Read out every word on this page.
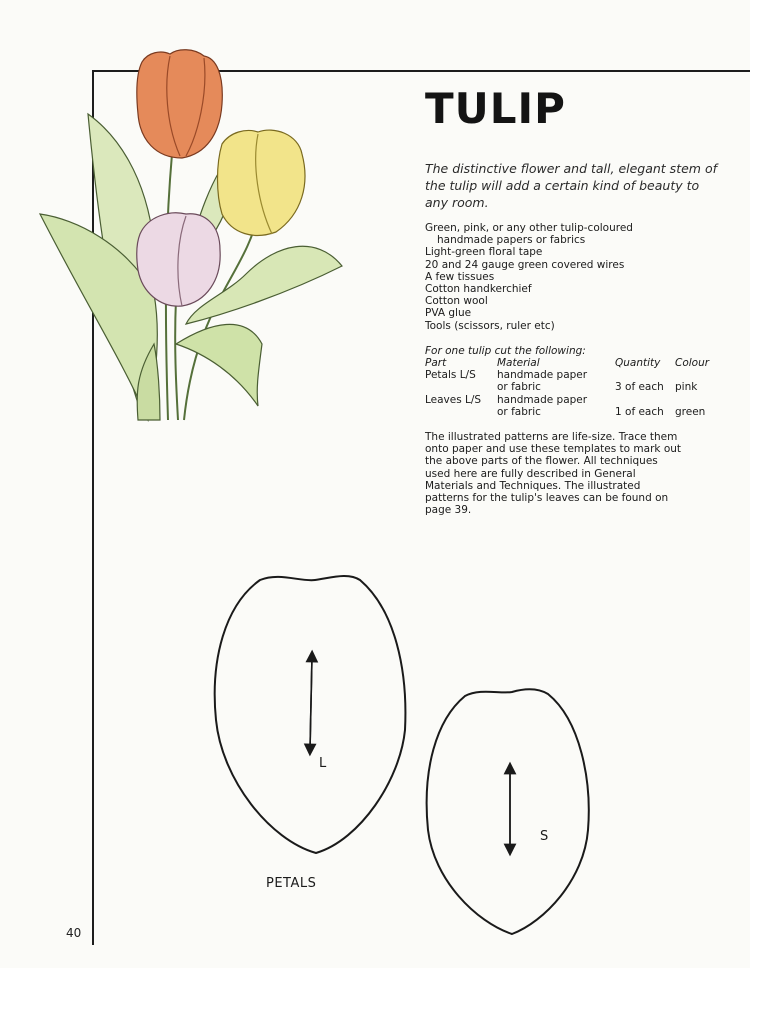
TULIP
The distinctive flower and tall, elegant stem of the tulip will add a certain kind of beauty to any room.
Green, pink, or any other tulip-coloured
handmade papers or fabrics
Light-green floral tape
20 and 24 gauge green covered wires
A few tissues
Cotton handkerchief
Cotton wool
PVA glue
Tools (scissors, ruler etc)
For one tulip cut the following:
Part	Material	Quantity Colour
Petals L/S handmade paper
or fabric	3 of each pink
Leaves L/S handmade paper
or fabric	1 of each green
The illustrated patterns are life-size. Trace them
onto paper and use these templates to mark out
the above parts of the flower. All techniques
used here are fully described in General
Materials and Techniques. The illustrated
patterns for the tulip's leaves can be found on
page 39.
L
S
PETALS
40
